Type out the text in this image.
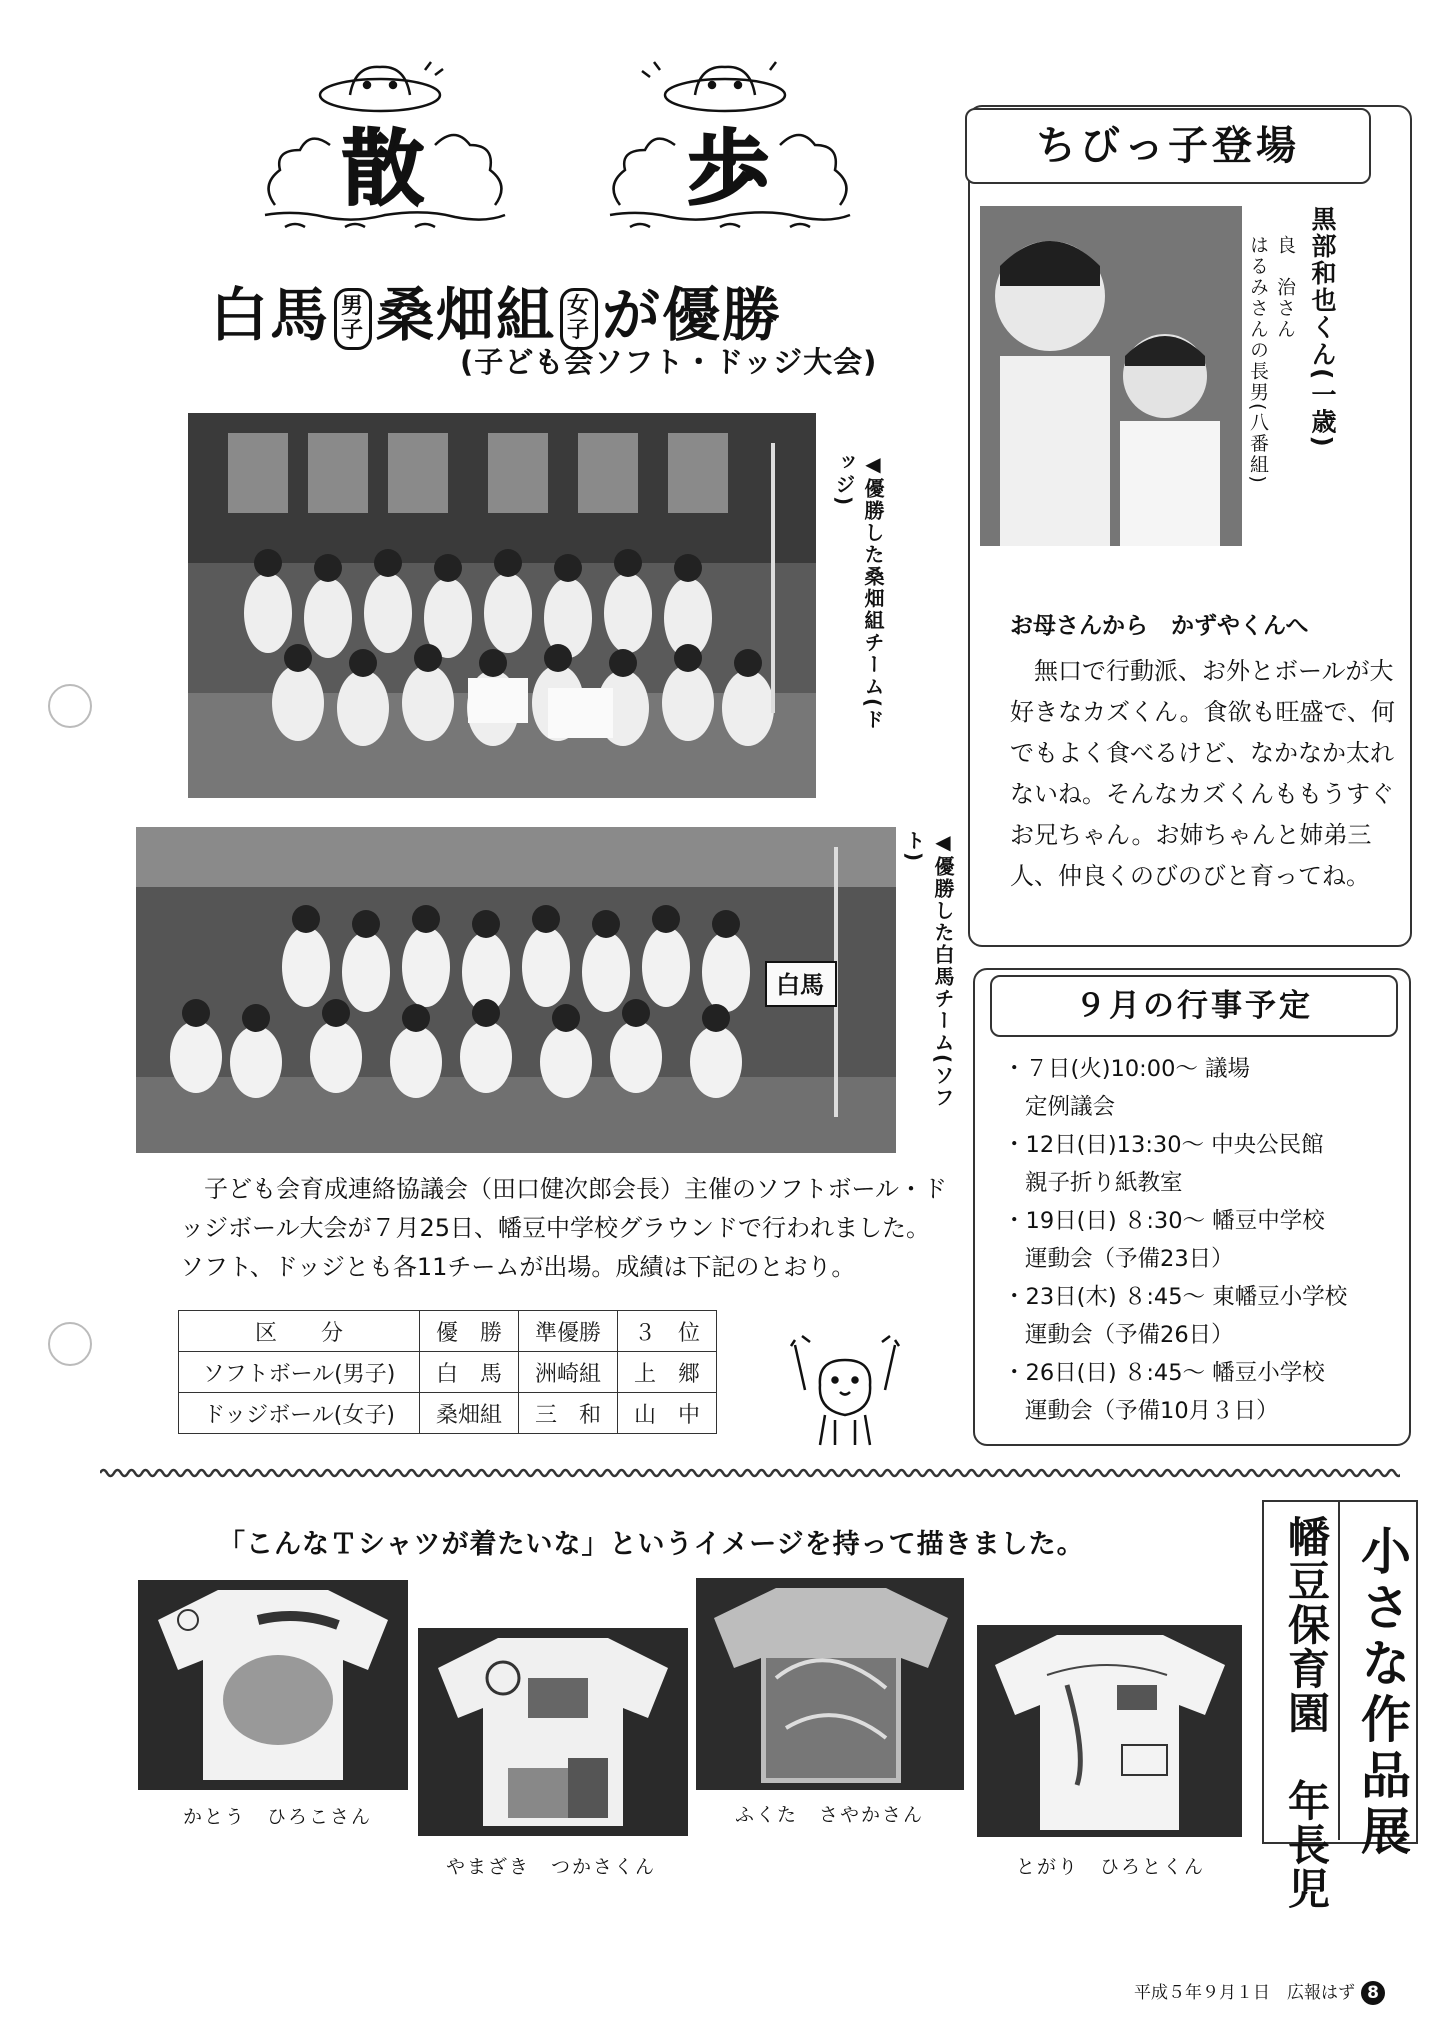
散	歩
白馬 男子 桑畑組 女子 が優勝
(子ども会ソフト・ドッジ大会)
◀優勝した桑畑組チーム(ドッジ)
白馬	◀優勝した白馬チーム(ソフト)
子ども会育成連絡協議会（田口健次郎会長）主催のソフトボール・ドッジボール大会が７月25日、幡豆中学校グラウンドで行われました。ソフト、ドッジとも各11チームが出場。成績は下記のとおり。
区　　分	優　勝	準優勝	３　位
ソフトボール(男子)	白　馬	洲崎組	上　郷
ドッジボール(女子)	桑畑組	三　和	山　中
ちびっ子登場
黒部和也くん(一歳)
良　治さん
はるみさんの長男(八番組)
お母さんから　かずやくんへ
無口で行動派、お外とボールが大好きなカズくん。食欲も旺盛で、何でもよく食べるけど、なかなか太れないね。そんなカズくんももうすぐお兄ちゃん。お姉ちゃんと姉弟三人、仲良くのびのびと育ってね。
９月の行事予定
・７日(火)10:00～ 議場
定例議会
・12日(日)13:30～ 中央公民館
親子折り紙教室
・19日(日) ８:30～ 幡豆中学校
運動会（予備23日）
・23日(木) ８:45～ 東幡豆小学校
運動会（予備26日）
・26日(日) ８:45～ 幡豆小学校
運動会（予備10月３日）
「こんなＴシャツが着たいな」というイメージを持って描きました。
かとう　ひろこさん
やまざき　つかさくん
ふくた　さやかさん
とがり　ひろとくん
小さな作品展
幡豆保育園　年長児
平成５年９月１日　広報はず 8
